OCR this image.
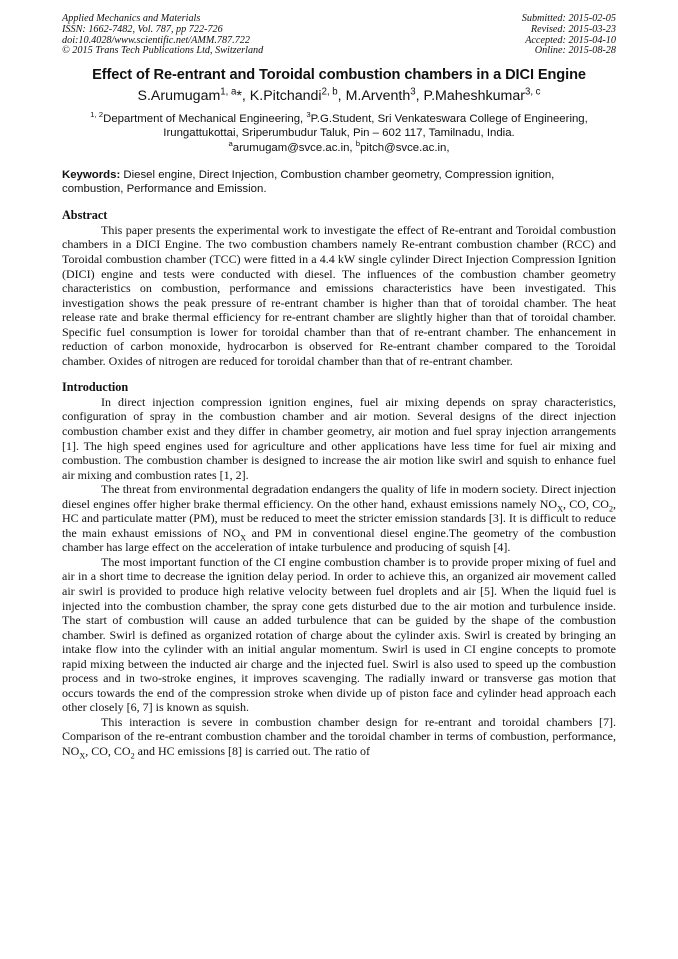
Applied Mechanics and Materials
ISSN: 1662-7482, Vol. 787, pp 722-726
doi:10.4028/www.scientific.net/AMM.787.722
© 2015 Trans Tech Publications Ltd, Switzerland
Submitted: 2015-02-05
Revised: 2015-03-23
Accepted: 2015-04-10
Online: 2015-08-28
Effect of Re-entrant and Toroidal combustion chambers in a DICI Engine
S.Arumugam$^{1, a}$*, K.Pitchandi$^{2, b}$, M.Arventh$^3$, P.Maheshkumar$^{3, c}$
$^{1, 2}$Department of Mechanical Engineering, $^3$P.G.Student, Sri Venkateswara College of Engineering,
Irungattukottai, Sriperumbudur Taluk, Pin – 602 117, Tamilnadu, India.
$^a$arumugam@svce.ac.in, $^b$pitch@svce.ac.in,
Keywords: Diesel engine, Direct Injection, Combustion chamber geometry, Compression ignition, combustion, Performance and Emission.
Abstract

This paper presents the experimental work to investigate the effect of Re-entrant and Toroidal combustion chambers in a DICI Engine. The two combustion chambers namely Re-entrant combustion chamber (RCC) and Toroidal combustion chamber (TCC) were fitted in a 4.4 kW single cylinder Direct Injection Compression Ignition (DICI) engine and tests were conducted with diesel. The influences of the combustion chamber geometry characteristics on combustion, performance and emissions characteristics have been investigated. This investigation shows the peak pressure of re-entrant chamber is higher than that of toroidal chamber. The heat release rate and brake thermal efficiency for re-entrant chamber are slightly higher than that of toroidal chamber. Specific fuel consumption is lower for toroidal chamber than that of re-entrant chamber. The enhancement in reduction of carbon monoxide, hydrocarbon is observed for Re-entrant chamber compared to the Toroidal chamber. Oxides of nitrogen are reduced for toroidal chamber than that of re-entrant chamber.

Introduction

In direct injection compression ignition engines, fuel air mixing depends on spray characteristics, configuration of spray in the combustion chamber and air motion. Several designs of the direct injection combustion chamber exist and they differ in chamber geometry, air motion and fuel spray injection arrangements [1]. The high speed engines used for agriculture and other applications have less time for fuel air mixing and combustion. The combustion chamber is designed to increase the air motion like swirl and squish to enhance fuel air mixing and combustion rates [1, 2].

The threat from environmental degradation endangers the quality of life in modern society. Direct injection diesel engines offer higher brake thermal efficiency. On the other hand, exhaust emissions namely $NO_X$, CO, $CO_2$, HC and particulate matter (PM), must be reduced to meet the stricter emission standards [3]. It is difficult to reduce the main exhaust emissions of $NO_X$ and PM in conventional diesel engine.The geometry of the combustion chamber has large effect on the acceleration of intake turbulence and producing of squish [4].

The most important function of the CI engine combustion chamber is to provide proper mixing of fuel and air in a short time to decrease the ignition delay period. In order to achieve this, an organized air movement called air swirl is provided to produce high relative velocity between fuel droplets and air [5]. When the liquid fuel is injected into the combustion chamber, the spray cone gets disturbed due to the air motion and turbulence inside. The start of combustion will cause an added turbulence that can be guided by the shape of the combustion chamber. Swirl is defined as organized rotation of charge about the cylinder axis. Swirl is created by bringing an intake flow into the cylinder with an initial angular momentum. Swirl is used in CI engine concepts to promote rapid mixing between the inducted air charge and the injected fuel. Swirl is also used to speed up the combustion process and in two-stroke engines, it improves scavenging. The radially inward or transverse gas motion that occurs towards the end of the compression stroke when divide up of piston face and cylinder head approach each other closely [6, 7] is known as squish.

This interaction is severe in combustion chamber design for re-entrant and toroidal chambers [7]. Comparison of the re-entrant combustion chamber and the toroidal chamber in terms of combustion, performance, $NO_X$, CO, $CO_2$ and HC emissions [8] is carried out. The ratio of
